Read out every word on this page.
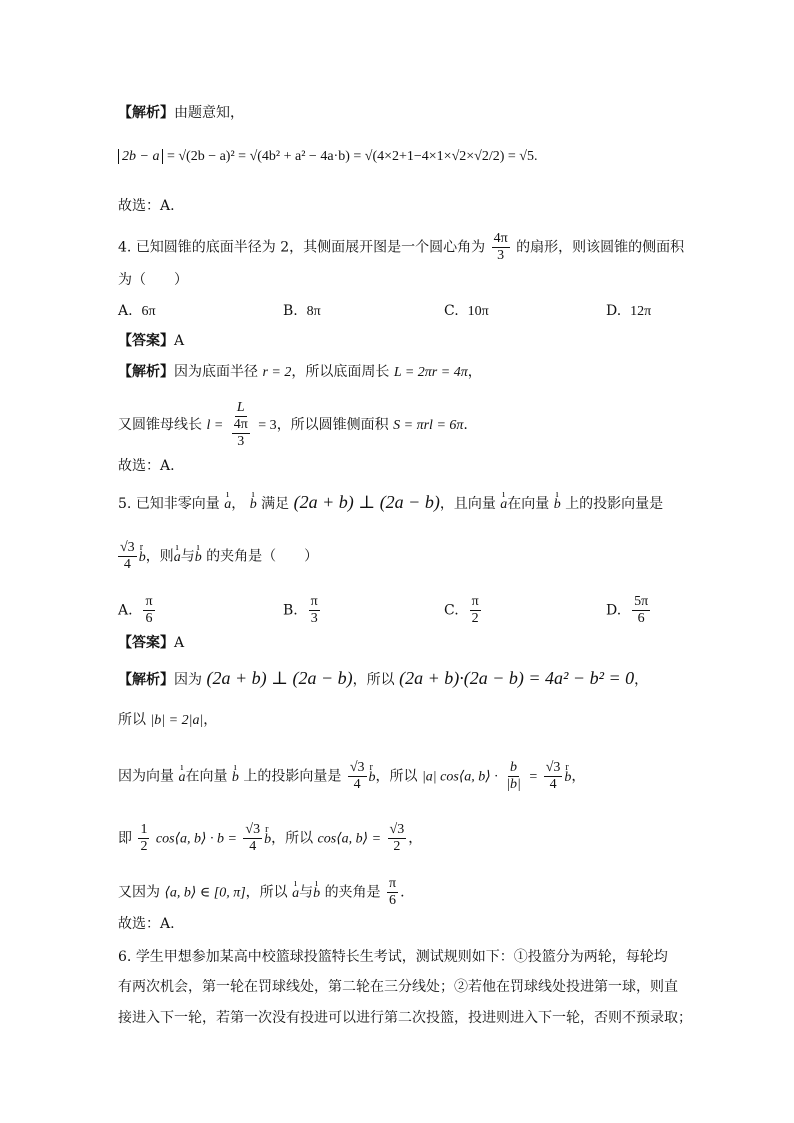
【解析】由题意知，
2b − a = √(2b − a)² = √(4b² + a² − 4a·b) = √(4×2+1−4×1×√2×√2/2) = √5.
故选：A.
4. 已知圆锥的底面半径为 2，其侧面展开图是一个圆心角为 $\frac{4\pi}{3}$ 的扇形，则该圆锥的侧面积
为（　　）
A. 6π	B. 8π	C. 10π	D. 12π
【答案】A
【解析】因为底面半径 r = 2，所以底面周长 L = 2πr = 4π，
又圆锥母线长 $l = \frac{L}{\frac{4\pi}{3}} = 3$，所以圆锥侧面积 S = πrl = 6π.
故选：A.
5. 已知非零向量 ı a， ı b 满足 (2a + b) ⊥ (2a − b)，且向量 ı a在向量 ı b 上的投影向量是
$\frac{√3}{4}$ r b，则ı a与ı b 的夹角是（　　）
A. $\frac{\pi}{6}$	B. $\frac{\pi}{3}$	C. $\frac{\pi}{2}$	D. $\frac{5\pi}{6}$
【答案】A
【解析】因为 (2a + b) ⊥ (2a − b)，所以 (2a + b)·(2a − b) = 4a² − b² = 0，
所以 |b| = 2|a|，
因为向量 ı a在向量 ı b 上的投影向量是 $\frac{√3}{4}$ r b，所以 |a| cos⟨a, b⟩ · $\frac{b}{|b|} = \frac{√3}{4}$ r b，
即 $\frac{1}{2}$ cos⟨a, b⟩ · $b = \frac{√3}{4}$ r b，所以 cos⟨a, b⟩ = $\frac{√3}{2}$ ，
又因为 ⟨a, b⟩ ∈ [0, π]，所以 ı a与ı b 的夹角是 $\frac{\pi}{6}$ .
故选：A.
6. 学生甲想参加某高中校篮球投篮特长生考试，测试规则如下：①投篮分为两轮，每轮均
有两次机会，第一轮在罚球线处，第二轮在三分线处；②若他在罚球线处投进第一球，则直
接进入下一轮，若第一次没有投进可以进行第二次投篮，投进则进入下一轮，否则不预录取；
